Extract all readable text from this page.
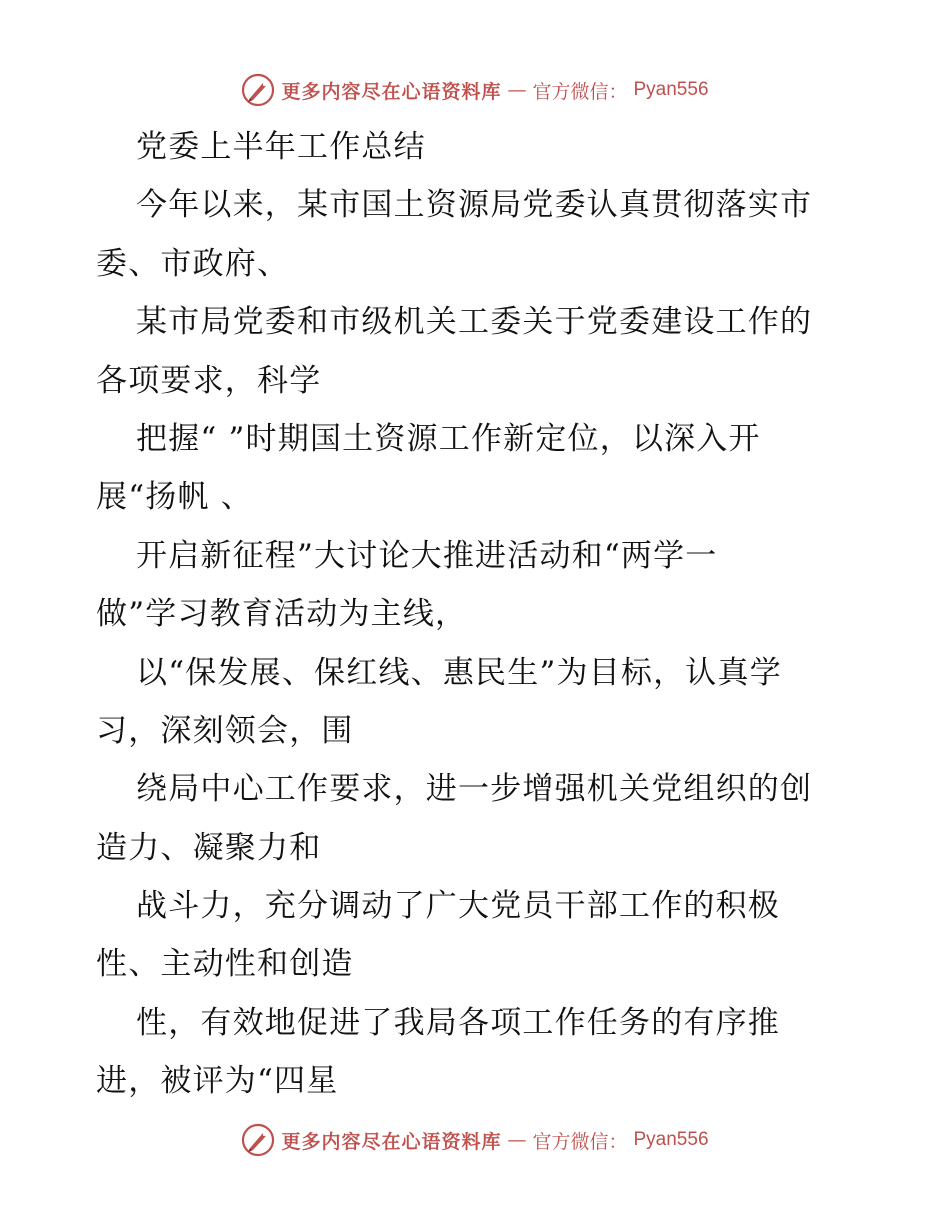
更多内容尽在心语资料库 — 官方微信： Pyan556
党委上半年工作总结
今年以来，某市国土资源局党委认真贯彻落实市
委、市政府、
某市局党委和市级机关工委关于党委建设工作的
各项要求，科学
把握“ ”时期国土资源工作新定位，以深入开
展“扬帆 、
开启新征程”大讨论大推进活动和“两学一
做”学习教育活动为主线，
以“保发展、保红线、惠民生”为目标，认真学
习，深刻领会，围
绕局中心工作要求，进一步增强机关党组织的创
造力、凝聚力和
战斗力，充分调动了广大党员干部工作的积极
性、主动性和创造
性，有效地促进了我局各项工作任务的有序推
进，被评为“四星
更多内容尽在心语资料库 — 官方微信： Pyan556
